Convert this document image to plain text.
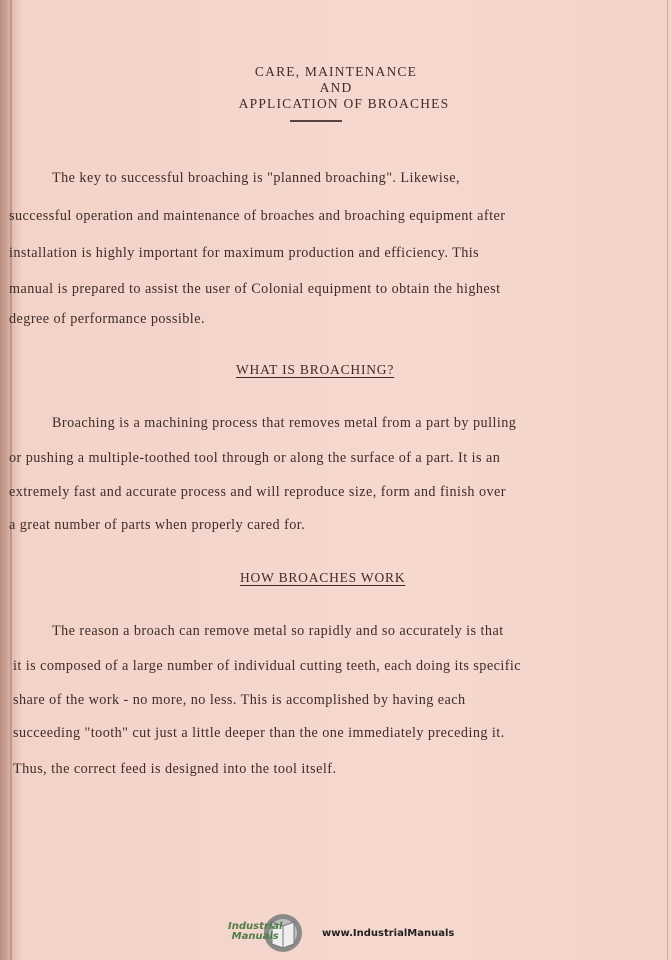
CARE, MAINTENANCE
AND
APPLICATION OF BROACHES
The key to successful broaching is "planned broaching". Likewise,
successful operation and maintenance of broaches and broaching equipment after
installation is highly important for maximum production and efficiency. This
manual is prepared to assist the user of Colonial equipment to obtain the highest
degree of performance possible.
WHAT IS BROACHING?
Broaching is a machining process that removes metal from a part by pulling
or pushing a multiple-toothed tool through or along the surface of a part. It is an
extremely fast and accurate process and will reproduce size, form and finish over
a great number of parts when properly cared for.
HOW BROACHES WORK
The reason a broach can remove metal so rapidly and so accurately is that
it is composed of a large number of individual cutting teeth, each doing its specific
share of the work - no more, no less. This is accomplished by having each
succeeding "tooth" cut just a little deeper than the one immediately preceding it.
Thus, the correct feed is designed into the tool itself.
Industrial
Manuals	www.IndustrialManuals
